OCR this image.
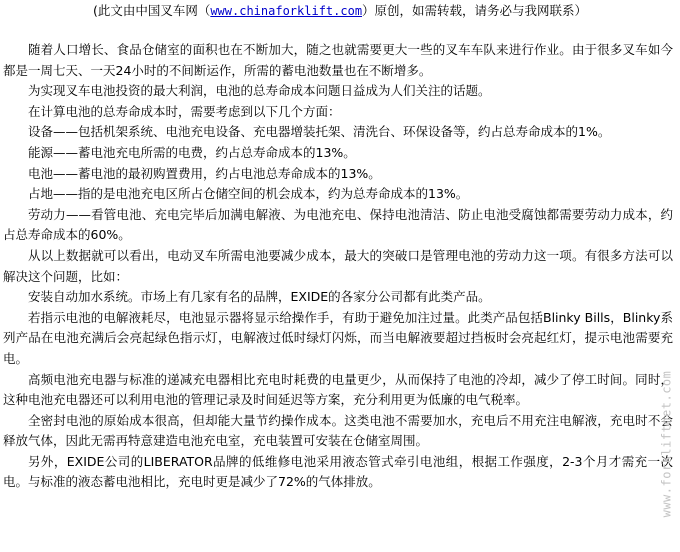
(此文由中国叉车网（www.chinaforklift.com）原创，如需转载，请务必与我网联系）

随着人口增长、食品仓储室的面积也在不断加大，随之也就需要更大一些的叉车车队来进行作业。由于很多叉车如今都是一周七天、一天24小时的不间断运作，所需的蓄电池数量也在不断增多。

为实现叉车电池投资的最大利润，电池的总寿命成本问题日益成为人们关注的话题。

在计算电池的总寿命成本时，需要考虑到以下几个方面：

设备——包括机架系统、电池充电设备、充电器增装托架、清洗台、环保设备等，约占总寿命成本的1%。

能源——蓄电池充电所需的电费，约占总寿命成本的13%。

电池——蓄电池的最初购置费用，约占电池总寿命成本的13%。

占地——指的是电池充电区所占仓储空间的机会成本，约为总寿命成本的13%。

劳动力——看管电池、充电完毕后加满电解液、为电池充电、保持电池清洁、防止电池受腐蚀都需要劳动力成本，约占总寿命成本的60%。

从以上数据就可以看出，电动叉车所需电池要减少成本，最大的突破口是管理电池的劳动力这一项。有很多方法可以解决这个问题，比如：

安装自动加水系统。市场上有几家有名的品牌，EXIDE的各家分公司都有此类产品。

若指示电池的电解液耗尽，电池显示器将显示给操作手，有助于避免加注过量。此类产品包括Blinky Bills，Blinky系列产品在电池充满后会亮起绿色指示灯，电解液过低时绿灯闪烁，而当电解液要超过挡板时会亮起红灯，提示电池需要充电。

高频电池充电器与标准的递减充电器相比充电时耗费的电量更少，从而保持了电池的冷却，减少了停工时间。同时，这种电池充电器还可以利用电池的管理记录及时间延迟等方案，充分利用更为低廉的电气税率。

全密封电池的原始成本很高，但却能大量节约操作成本。这类电池不需要加水，充电后不用充注电解液，充电时不会释放气体，因此无需再特意建造电池充电室，充电装置可安装在仓储室周围。

另外，EXIDE公司的LIBERATOR品牌的低维修电池采用液态管式牵引电池组，根据工作强度，2-3个月才需充一次电。与标准的液态蓄电池相比，充电时更是减少了72%的气体排放。	www.forkliftnet.com
